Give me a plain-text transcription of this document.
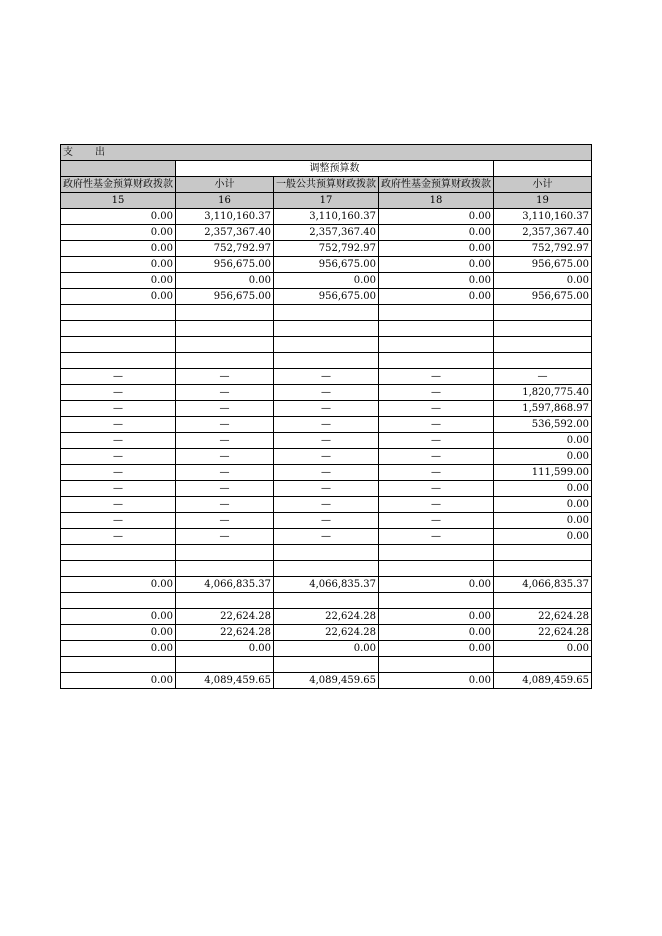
支 出				
	调整预算数			
政府性基金预算财政拨款	小计	一般公共预算财政拨款	政府性基金预算财政拨款	小计
15	16	17	18	19
0.00	3,110,160.37	3,110,160.37	0.00	3,110,160.37
0.00	2,357,367.40	2,357,367.40	0.00	2,357,367.40
0.00	752,792.97	752,792.97	0.00	752,792.97
0.00	956,675.00	956,675.00	0.00	956,675.00
0.00	0.00	0.00	0.00	0.00
0.00	956,675.00	956,675.00	0.00	956,675.00

—	—	—	—	—
—	—	—	—	1,820,775.40
—	—	—	—	1,597,868.97
—	—	—	—	536,592.00
—	—	—	—	0.00
—	—	—	—	0.00
—	—	—	—	111,599.00
—	—	—	—	0.00
—	—	—	—	0.00
—	—	—	—	0.00
—	—	—	—	0.00

0.00	4,066,835.37	4,066,835.37	0.00	4,066,835.37

0.00	22,624.28	22,624.28	0.00	22,624.28
0.00	22,624.28	22,624.28	0.00	22,624.28
0.00	0.00	0.00	0.00	0.00

0.00	4,089,459.65	4,089,459.65	0.00	4,089,459.65
